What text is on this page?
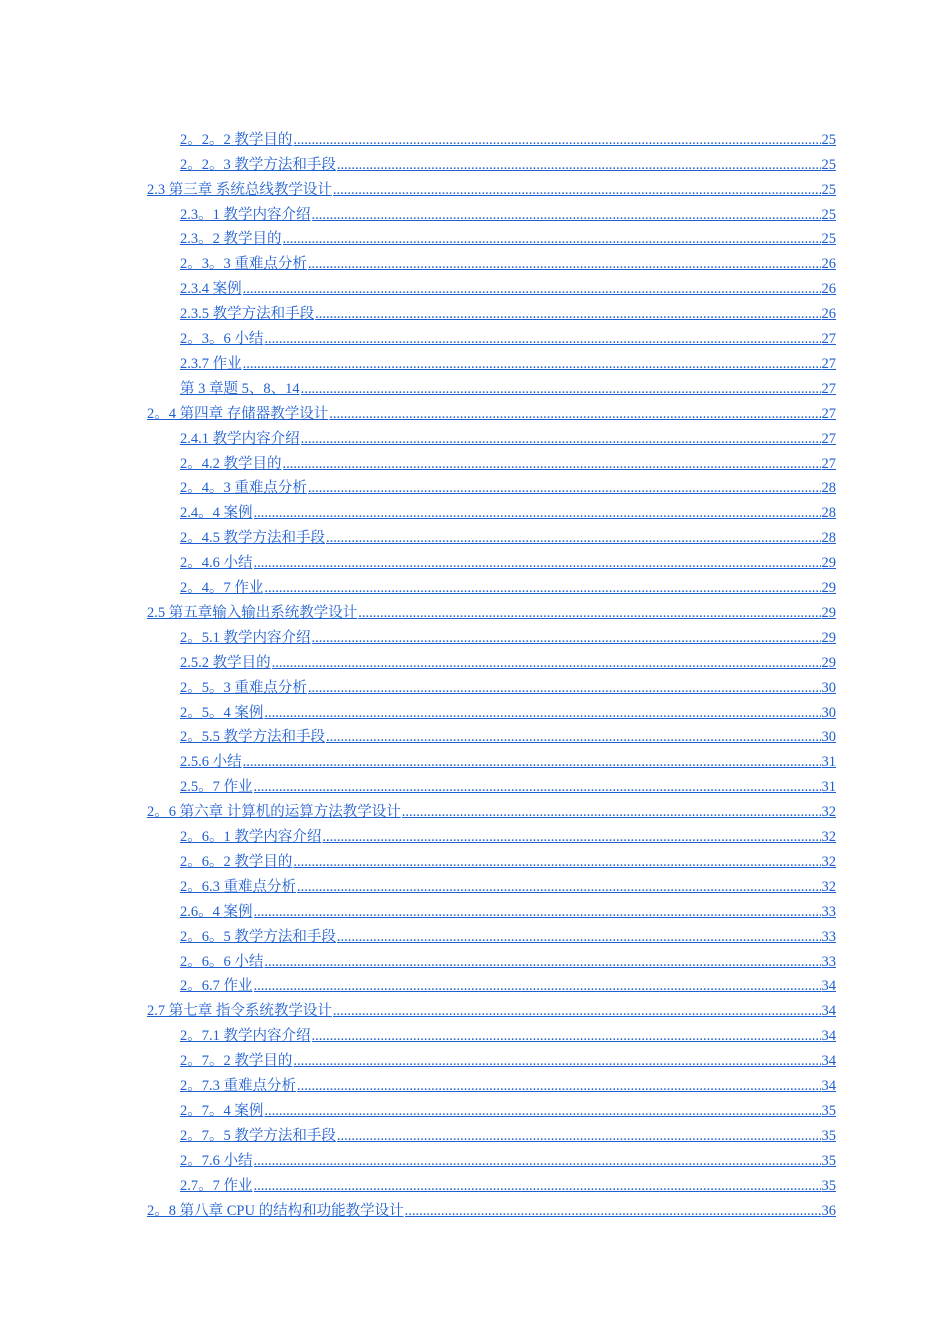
2。2。2 教学目的 .....	25
2。2。3 教学方法和手段 .....	25
2.3 第三章 系统总线教学设计 .....	25
2.3。1 教学内容介绍 .....	25
2.3。2 教学目的 .....	25
2。3。3 重难点分析 .....	26
2.3.4 案例 .....	26
2.3.5 教学方法和手段 .....	26
2。3。6 小结 .....	27
2.3.7 作业 .....	27
第 3 章题 5、8、14 .....	27
2。4 第四章 存储器教学设计 .....	27
2.4.1 教学内容介绍 .....	27
2。4.2 教学目的 .....	27
2。4。3 重难点分析 .....	28
2.4。4 案例 .....	28
2。4.5 教学方法和手段 .....	28
2。4.6 小结 .....	29
2。4。7 作业 .....	29
2.5 第五章输入输出系统教学设计 .....	29
2。5.1 教学内容介绍 .....	29
2.5.2 教学目的 .....	29
2。5。3 重难点分析 .....	30
2。5。4 案例 .....	30
2。5.5 教学方法和手段 .....	30
2.5.6 小结 .....	31
2.5。7 作业 .....	31
2。6 第六章 计算机的运算方法教学设计 .....	32
2。6。1 教学内容介绍 .....	32
2。6。2 教学目的 .....	32
2。6.3 重难点分析 .....	32
2.6。4 案例 .....	33
2。6。5 教学方法和手段 .....	33
2。6。6 小结 .....	33
2。6.7 作业 .....	34
2.7 第七章 指令系统教学设计 .....	34
2。7.1 教学内容介绍 .....	34
2。7。2 教学目的 .....	34
2。7.3 重难点分析 .....	34
2。7。4 案例 .....	35
2。7。5 教学方法和手段 .....	35
2。7.6 小结 .....	35
2.7。7 作业 .....	35
2。8 第八章 CPU 的结构和功能教学设计 .....	36
